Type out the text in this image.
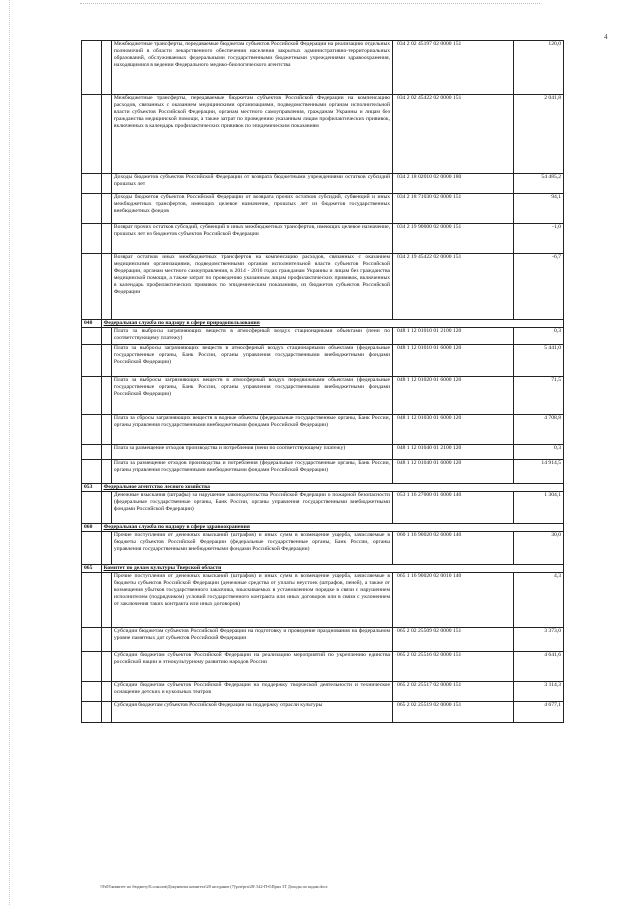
4
		Межбюджетные трансферты, передаваемые бюджетам субъектов Российской Федерации на реализацию отдельных полномочий в области лекарственного обеспечения населения закрытых административно-территориальных образований, обслуживаемых федеральными государственными бюджетными учреждениями здравоохранения, находящимися в ведении Федерального медико-биологического агентства	034 2 02 45197 02 0000 151	120,0
		Межбюджетные трансферты, передаваемые бюджетам субъектов Российской Федерации на компенсацию расходов, связанных с оказанием медицинскими организациями, подведомственными органам исполнительной власти субъектов Российской Федерации, органам местного самоуправления, гражданам Украины и лицам без гражданства медицинской помощи, а также затрат по проведению указанным лицам профилактических прививок, включенных в календарь профилактических прививок по эпидемическим показаниям	034 2 02 45422 02 0000 151	2 041,8
		Доходы бюджетов субъектов Российской Федерации от возврата бюджетными учреждениями остатков субсидий прошлых лет	034 2 18 02010 02 0000 180	54 485,2
		Доходы бюджетов субъектов Российской Федерации от возврата прочих остатков субсидий, субвенций и иных межбюджетных трансфертов, имеющих целевое назначение, прошлых лет из бюджетов государственных внебюджетных фондов	034 2 18 71030 02 0000 151	94,1
		Возврат прочих остатков субсидий, субвенций и иных межбюджетных трансфертов, имеющих целевое назначение, прошлых лет из бюджетов субъектов Российской Федерации	034 2 19 90000 02 0000 151	-1,0
		Возврат остатков иных межбюджетных трансфертов на компенсацию расходов, связанных с оказанием медицинскими организациями, подведомственными органам исполнительной власти субъектов Российской Федерации, органам местного самоуправления, в 2014 - 2016 годах гражданам Украины и лицам без гражданства медицинской помощи, а также затрат по проведению указанным лицам профилактических прививок, включенных в календарь профилактических прививок по эпидемическим показаниям, из бюджетов субъектов Российской Федерации	034 2 19 45422 02 0000 151	-6,7
048	Федеральная служба по надзору в сфере природопользования			
		Плата за выбросы загрязняющих веществ в атмосферный воздух стационарными объектами (пени по соответствующему платежу)	048 1 12 01010 01 2100 120	0,3
		Плата за выбросы загрязняющих веществ в атмосферный воздух стационарными объектами (федеральные государственные органы, Банк России, органы управления государственными внебюджетными фондами Российской Федерации)	048 1 12 01010 01 6000 120	5 441,0
		Плата за выбросы загрязняющих веществ в атмосферный воздух передвижными объектами (федеральные государственные органы, Банк России, органы управления государственными внебюджетными фондами Российской Федерации)	048 1 12 01020 01 6000 120	71,5
		Плата за сбросы загрязняющих веществ в водные объекты (федеральные государственные органы, Банк России, органы управления государственными внебюджетными фондами Российской Федерации)	048 1 12 01030 01 6000 120	4 708,8
		Плата за размещение отходов производства и потребления (пени по соответствующему платежу)	048 1 12 01040 01 2100 120	0,3
		Плата за размещение отходов производства и потребления (федеральные государственные органы, Банк России, органы управления государственными внебюджетными фондами Российской Федерации)	048 1 12 01040 01 6000 120	14 914,5
053	Федеральное агентство лесного хозяйства			
		Денежные взыскания (штрафы) за нарушение законодательства Российской Федерации о пожарной безопасности (федеральные государственные органы, Банк России, органы управления государственными внебюджетными фондами Российской Федерации)	053 1 16 27000 01 6000 140	1 304,1
060	Федеральная служба по надзору в сфере здравоохранения			
		Прочие поступления от денежных взысканий (штрафов) и иных сумм в возмещение ущерба, зачисляемые в бюджеты субъектов Российской Федерации (федеральные государственные органы, Банк России, органы управления государственными внебюджетными фондами Российской Федерации)	060 1 16 90020 02 6000 140	30,0
065	Комитет по делам культуры Тверской области			
		Прочие поступления от денежных взысканий (штрафов) и иных сумм в возмещение ущерба, зачисляемые в бюджеты субъектов Российской Федерации (денежные средства от уплаты неустоек (штрафов, пеней), а также от возмещения убытков государственного заказчика, взыскиваемых в установленном порядке в связи с нарушением исполнителем (подрядчиком) условий государственного контракта или иных договоров или в связи с уклонением от заключения таких контракта или иных договоров)	065 1 16 90020 02 0010 140	4,3
		Субсидии бюджетам субъектов Российской Федерации на подготовку и проведение празднования на федеральном уровне памятных дат субъектов Российской Федерации	065 2 02 25509 02 0000 151	3 373,0
		Субсидии бюджетам субъектов Российской Федерации на реализацию мероприятий по укреплению единства российской нации и этнокультурному развитию народов России	065 2 02 25516 02 0000 151	4 641,6
		Субсидии бюджетам субъектов Российской Федерации на поддержку творческой деятельности и техническое оснащение детских и кукольных театров	065 2 02 25517 02 0000 151	3 114,3
		Субсидия бюджетам субъектов Российской Федерации на поддержку отрасли культуры	065 2 02 25519 02 0000 151	4 677,1
\\Fs03\комитет по бюджету\Б.соколов\Документы комитета\28 заседание (7)\prn\prn\28\ 542-П-6\Прил 3Т Доходы по кодам.docx
